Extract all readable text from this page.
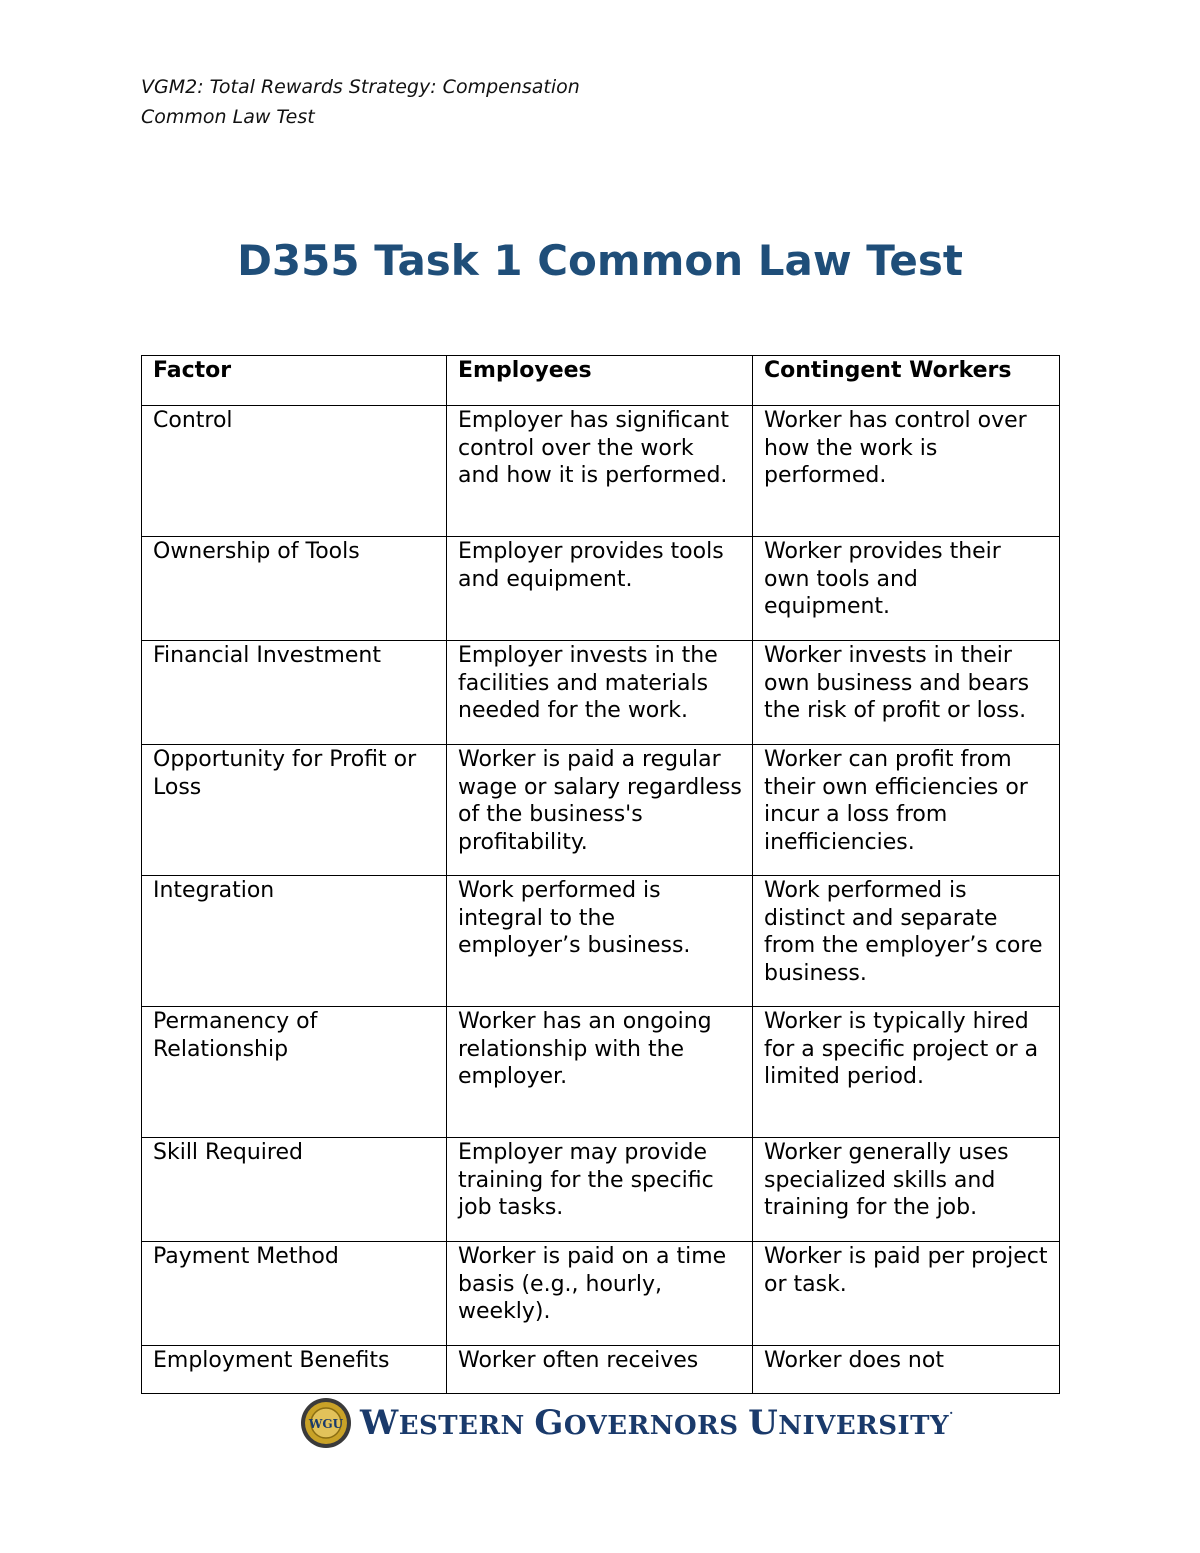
VGM2: Total Rewards Strategy: Compensation
Common Law Test
D355 Task 1 Common Law Test
Factor	Employees	Contingent Workers
Control	Employer has significant control over the work and how it is performed.	Worker has control over how the work is performed.
Ownership of Tools	Employer provides tools and equipment.	Worker provides their own tools and equipment.
Financial Investment	Employer invests in the facilities and materials needed for the work.	Worker invests in their own business and bears the risk of profit or loss.
Opportunity for Profit or Loss	Worker is paid a regular wage or salary regardless of the business's profitability.	Worker can profit from their own efficiencies or incur a loss from inefficiencies.
Integration	Work performed is integral to the employer’s business.	Work performed is distinct and separate from the employer’s core business.
Permanency of Relationship	Worker has an ongoing relationship with the employer.	Worker is typically hired for a specific project or a limited period.
Skill Required	Employer may provide training for the specific job tasks.	Worker generally uses specialized skills and training for the job.
Payment Method	Worker is paid on a time basis (e.g., hourly, weekly).	Worker is paid per project or task.
Employment Benefits	Worker often receives	Worker does not
WGU WESTERN GOVERNORS UNIVERSITY.
